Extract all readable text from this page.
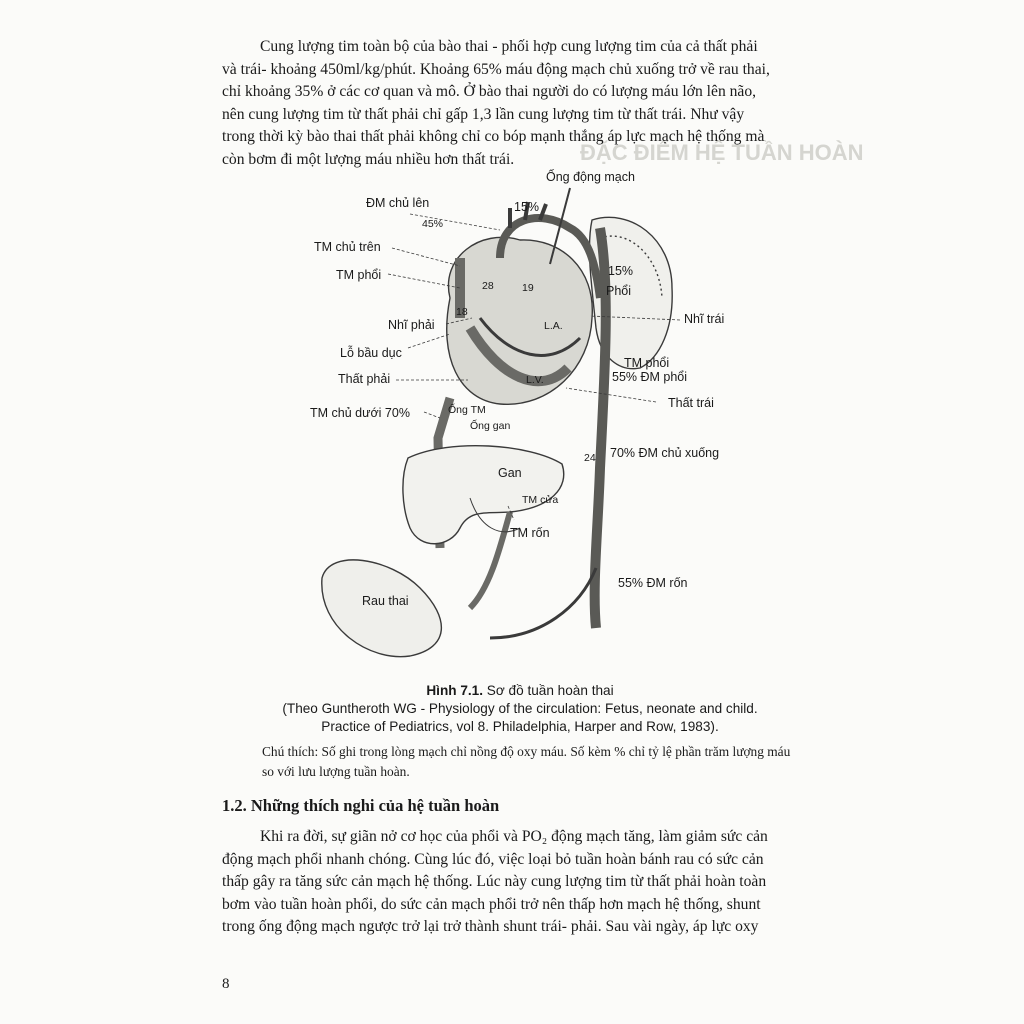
ĐẶC ĐIỂM HỆ TUẦN HOÀN
Cung lượng tim toàn bộ của bào thai - phối hợp cung lượng tim của cả thất phải
và trái- khoảng 450ml/kg/phút. Khoảng 65% máu động mạch chủ xuống trở về rau thai,
chỉ khoảng 35% ở các cơ quan và mô. Ở bào thai người do có lượng máu lớn lên não,
nên cung lượng tim từ thất phải chỉ gấp 1,3 lần cung lượng tim từ thất trái. Như vậy
trong thời kỳ bào thai thất phải không chỉ co bóp mạnh thắng áp lực mạch hệ thống mà
còn bơm đi một lượng máu nhiều hơn thất trái.
Ống động mạch
ĐM chủ lên	15%
45%
TM chủ trên
TM phổi	15%
Phổi
Nhĩ phải	Nhĩ trái
Lỗ bầu dục
TM phổi
Thất phải	55% ĐM phổi
Thất trái
TM chủ dưới 70%	Ống TM
Ống gan
70% ĐM chủ xuống
Gan
TM cửa
TM rốn
55% ĐM rốn
Rau thai
28	19
18
24
L.A.
L.V.
Hình 7.1. Sơ đồ tuần hoàn thai
(Theo Guntheroth WG - Physiology of the circulation: Fetus, neonate and child.
Practice of Pediatrics, vol 8. Philadelphia, Harper and Row, 1983).
Chú thích: Số ghi trong lòng mạch chỉ nồng độ oxy máu. Số kèm % chỉ tỷ lệ phần trăm lượng máu
so với lưu lượng tuần hoàn.
1.2. Những thích nghi của hệ tuần hoàn
Khi ra đời, sự giãn nở cơ học của phổi và PO₂ động mạch tăng, làm giảm sức cản
động mạch phổi nhanh chóng. Cùng lúc đó, việc loại bỏ tuần hoàn bánh rau có sức cản
thấp gây ra tăng sức cản mạch hệ thống. Lúc này cung lượng tim từ thất phải hoàn toàn
bơm vào tuần hoàn phổi, do sức cản mạch phổi trở nên thấp hơn mạch hệ thống, shunt
trong ống động mạch ngược trở lại trở thành shunt trái- phải. Sau vài ngày, áp lực oxy
8
